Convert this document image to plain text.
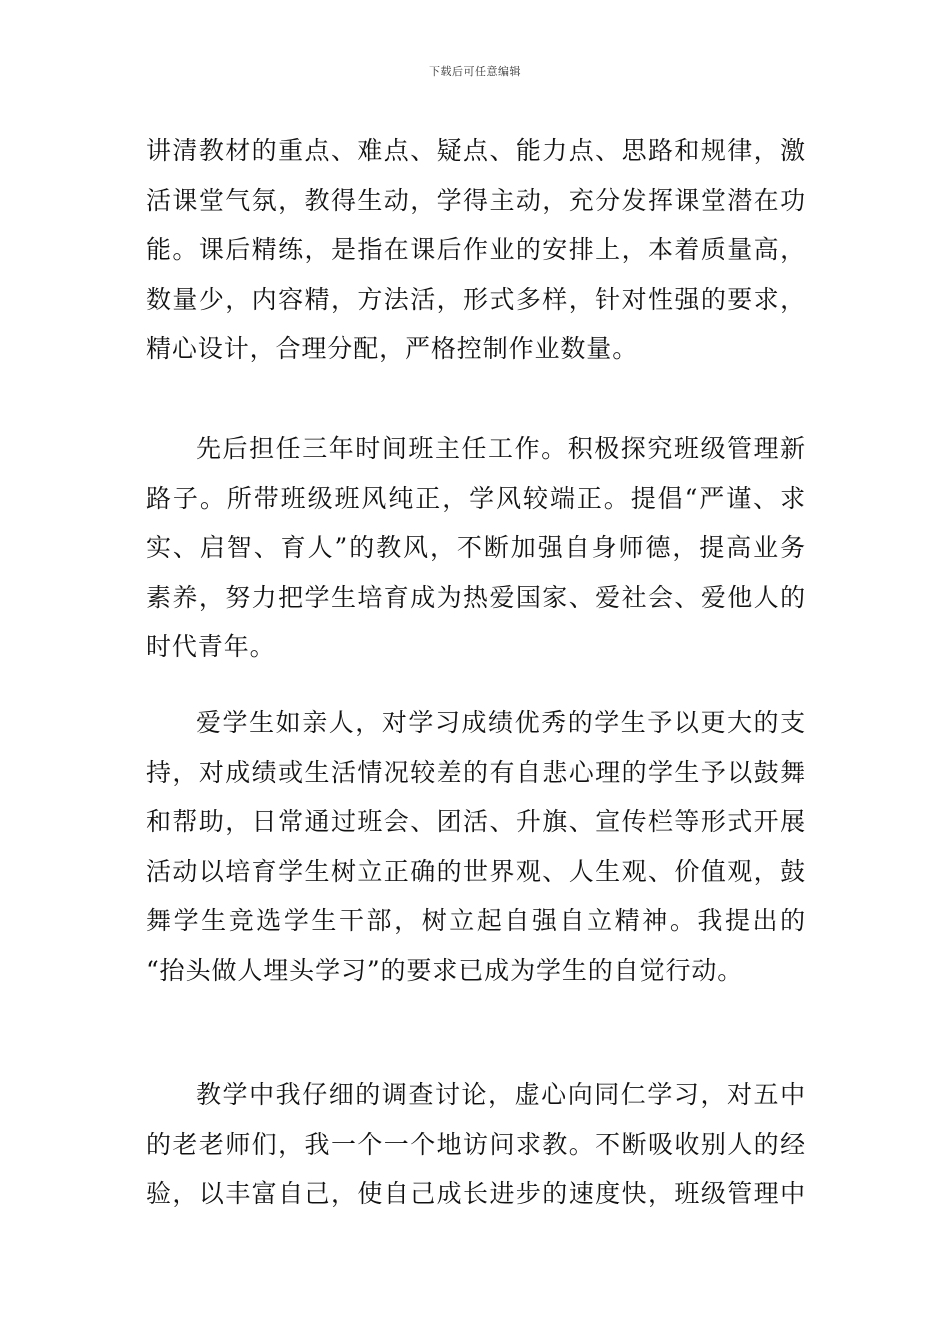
下载后可任意编辑
讲清教材的重点、难点、疑点、能力点、思路和规律，激
活课堂气氛，教得生动，学得主动，充分发挥课堂潜在功
能。课后精练，是指在课后作业的安排上，本着质量高，
数量少，内容精，方法活，形式多样，针对性强的要求，
精心设计，合理分配，严格控制作业数量。
先后担任三年时间班主任工作。积极探究班级管理新
路子。所带班级班风纯正，学风较端正。提倡“严谨、求
实、启智、育人”的教风，不断加强自身师德，提高业务
素养，努力把学生培育成为热爱国家、爱社会、爱他人的
时代青年。
爱学生如亲人，对学习成绩优秀的学生予以更大的支
持，对成绩或生活情况较差的有自悲心理的学生予以鼓舞
和帮助，日常通过班会、团活、升旗、宣传栏等形式开展
活动以培育学生树立正确的世界观、人生观、价值观，鼓
舞学生竞选学生干部，树立起自强自立精神。我提出的
“抬头做人埋头学习”的要求已成为学生的自觉行动。
教学中我仔细的调查讨论，虚心向同仁学习，对五中
的老老师们，我一个一个地访问求教。不断吸收别人的经
验，以丰富自己，使自己成长进步的速度快，班级管理中
